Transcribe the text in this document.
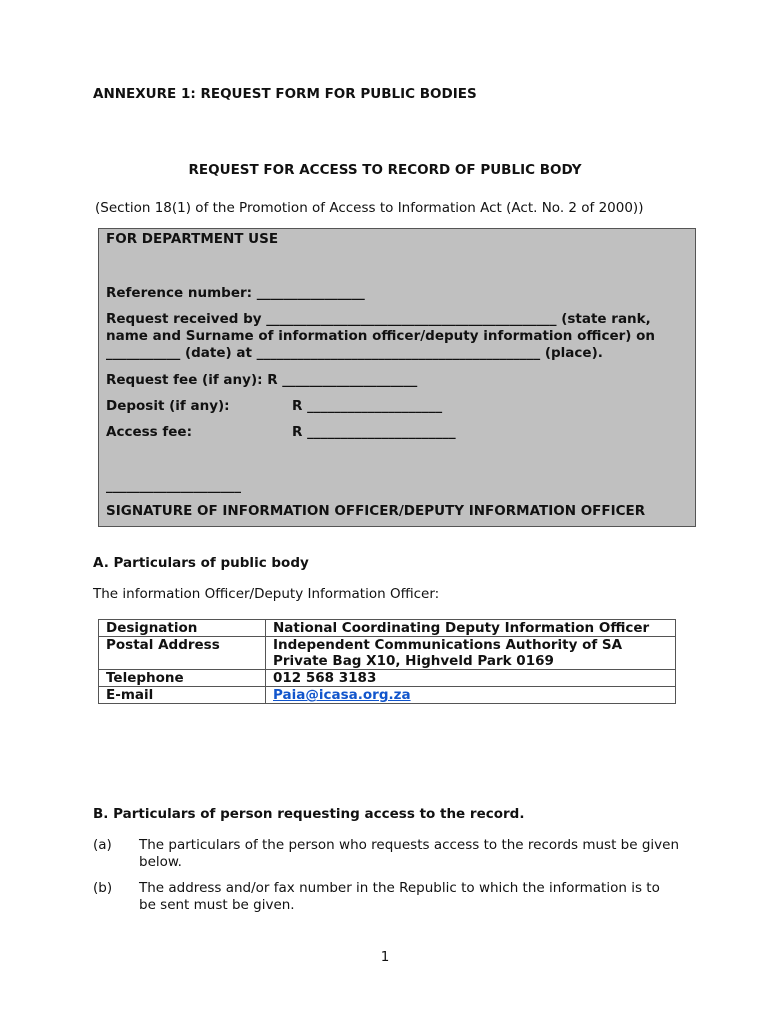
ANNEXURE 1: REQUEST FORM FOR PUBLIC BODIES
REQUEST FOR ACCESS TO RECORD OF PUBLIC BODY
(Section 18(1) of the Promotion of Access to Information Act (Act. No. 2 of 2000))
FOR DEPARTMENT USE
Reference number: ________________
Request received by ___________________________________________ (state rank, name and Surname of information officer/deputy information officer) on ___________ (date) at __________________________________________ (place).
Request fee (if any): R ____________________
Deposit (if any):	R ____________________
Access fee:	R ______________________
____________________
SIGNATURE OF INFORMATION OFFICER/DEPUTY INFORMATION OFFICER
A. Particulars of public body
The information Officer/Deputy Information Officer:
Designation	National Coordinating Deputy Information Officer
Postal Address	Independent Communications Authority of SA
Private Bag X10, Highveld Park 0169

Telephone	012 568 3183
E-mail	Paia@icasa.org.za
B. Particulars of person requesting access to the record.
(a) The particulars of the person who requests access to the records must be given below.
(b) The address and/or fax number in the Republic to which the information is to be sent must be given.
1
